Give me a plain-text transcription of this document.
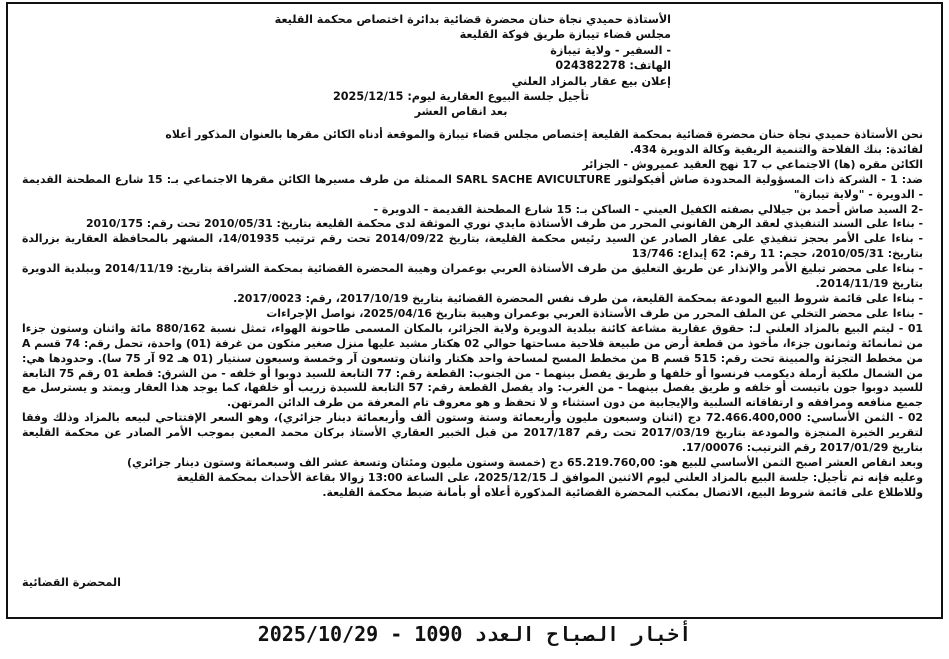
الأستاذة حميدي نجاة حنان محضرة قضائية بدائرة اختصاص محكمة القليعة
مجلس قضاء تيبازة طريق فوكة القليعة
- السفير - ولاية تيبازة
الهاتف: 024382278
إعلان بيع عقار بالمزاد العلني
تأجيل جلسة البيوع العقارية ليوم: 2025/12/15
بعد انقاص العشر
نحن الأستاذة حميدي نجاة حنان محضرة قضائية بمحكمة القليعة إختصاص مجلس قضاء تيبازة والموقعة أدناه الكائن مقرها بالعنوان المذكور أعلاه
لفائدة: بنك الفلاحة والتنمية الريفية وكالة الدويرة 434.
الكائن مقره (ها) الاجتماعي ب 17 نهج العقيد عميروش - الجزائر
ضد: 1 - الشركة ذات المسؤولية المحدودة صاش أفيكولتور SARL SACHE AVICULTURE الممثلة من طرف مسيرها الكائن مقرها الاجتماعي بـ: 15 شارع المطحنة القديمة - الدويرة - "ولاية تيبازة"
-2 السيد صاش أحمد بن جيلالي بصفته الكفيل العيني - الساكن بـ: 15 شارع المطحنة القديمة - الدويرة -
- بناءا على السند التنفيذي لعقد الرهن القانوني المحرر من طرف الأستاذة مايدي نوري الموثقة لدى محكمة القليعة بتاريخ: 2010/05/31 تحت رقم: 2010/175
- بناءا على الأمر بحجز تنفيذي على عقار الصادر عن السيد رئيس محكمة القليعة، بتاريخ 2014/09/22 تحت رقم ترتيب 14/01935، المشهر بالمحافظة العقارية بزرالدة بتاريخ: 2010/05/31، حجم: 11 رقم: 62 إيداع: 13/746
- بناءا على محضر تبليغ الأمر والإنذار عن طريق التعليق من طرف الأستاذة العربي بوعمران وهيبة المحضرة القضائية بمحكمة الشراقة بتاريخ: 2014/11/19 وببلدية الدويرة بتاريخ 2014/11/19.
- بناءا على قائمة شروط البيع المودعة بمحكمة القليعة، من طرف نفس المحضرة القضائية بتاريخ 2017/10/19، رقم: 2017/0023.
- بناءا على محضر التخلي عن الملف المحرر من طرف الأستاذة العربي بوعمران وهيبة بتاريخ 2025/04/16، نواصل الإجراءات
01 - ليتم البيع بالمزاد العلني لـ: حقوق عقارية مشاعة كائنة ببلدية الدويرة ولاية الجزائر، بالمكان المسمى طاحونة الهواء، تمثل نسبة 880/162 مائة واثنان وستون جزءا من ثمانمائة وثمانون جزءا، مأخوذ من قطعة أرض من طبيعة فلاحية مساحتها حوالي 02 هكتار مشيد عليها منزل صغير متكون من غرفة (01) واحدة، تحمل رقم: 74 قسم A من مخطط التجزئة والمبينة تحت رقم: 515 قسم B من مخطط المسح لمساحة واحد هكتار واثنان وتسعون آر وخمسة وسبعون سنتيار (01 هـ 92 آر 75 سا). وحدودها هي: من الشمال ملكية أرملة ديكومب فرنسوا أو خلفها و طريق يفصل بينهما - من الجنوب: القطعة رقم: 77 التابعة للسيد دوبوا أو خلفه - من الشرق: قطعة 01 رقم 75 التابعة للسيد دوبوا جون باتيست أو خلفه و طريق يفصل بينهما - من الغرب: واد يفصل القطعة رقم: 57 التابعة للسيدة زريب أو خلفها، كما يوجد هذا العقار ويمتد و يسترسل مع جميع منافعه ومرافقه و ارتفاقاته السلبية والإيجابية من دون استثناء و لا تحفظ و هو معروف تام المعرفة من طرف الدائن المرتهن.
02 - الثمن الأساسي: 72.466.400,000 دج (اثنان وسبعون مليون وأربعمائة وستة وستون ألف وأربعمائة دينار جزائري)، وهو السعر الإفتتاحي لبيعه بالمزاد وذلك وفقا لتقرير الخبرة المنجزة والمودعة بتاريخ 2017/03/19 تحت رقم 2017/187 من قبل الخبير العقاري الأستاذ بركان محمد المعين بموجب الأمر الصادر عن محكمة القليعة بتاريخ 2017/01/29 رقم الترتيب: 17/00076.
وبعد انقاص العشر اصبح الثمن الأساسي للبيع هو: 65.219.760,00 دج (خمسة وستون مليون ومئتان وتسعة عشر الف وسبعمائة وستون دينار جزائري)
وعليه فإنه تم تأجيل: جلسة البيع بالمزاد العلني ليوم الاثنين الموافق لـ 2025/12/15، على الساعة 13:00 زوالا بقاعة الأحداث بمحكمة القليعة
وللاطلاع على قائمة شروط البيع، الاتصال بمكتب المحضرة القضائية المذكورة أعلاه أو بأمانة ضبط محكمة القليعة.
المحضرة القضائية
أخبار الصباح العدد 1090 - 2025/10/29
